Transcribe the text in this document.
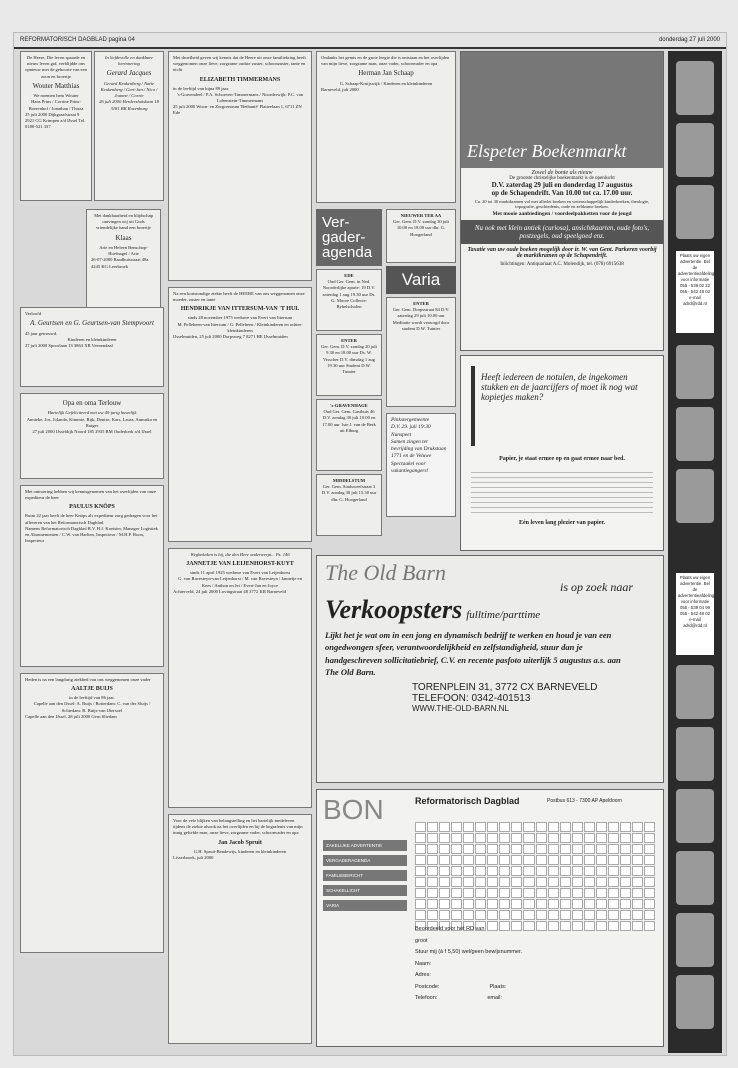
REFORMATORISCH DAGBLAD pagina 04	donderdag 27 juli 2000
De Heere, Die leven spaarde en nieuw leven gaf, verblijdde ons opnieuw met de geboorte van een zoon en broertje
Wouter Matthias
We noemen hem Wouter
Hans Prins / Corrine Prins-Boerenhof / Jonathan / Thirza
25 juli 2000 Dijkgraafstraat 9 2921 CG Krimpen a/d IJssel Tel. 0180-521 337
In liefdevolle en dankbare herinnering
Gerard Jacques
Gerard Keukenberg / Natie Keukenberg / Gert-Jan / Nico / Joanne / Corrie
26 juli 2000 Herdershuislaan 18 3181 BK Rozenburg
Met dankbaarheid en blijdschap ontvingen wij uit Gods vriendelijke hand een broertje
Klaas
Arie en Heleen Benschop-Hoefnagel / Arie
26-07-2000 Raadhuisstraat 48a 4245 KG Leerbroek
Verloofd
A. Geurtsen en G. Geurtsen-van Stempvoort
45 jaar getrouwd.
Kinderen en kleinkinderen
27 juli 2000 Spoorlaan 13 3863 XB Veenendaal
Opa en oma Terlouw
Hartelijk Gefeliciteerd met uw 40-jarig huwelijk
Annieke, Jos, Jolanda, Kimmie, Rijk, Denise, Kars, Laura, Annuska en Rutger
27 juli 2000 IJsseldijk Noord 185 2935 BM Ouderkerk a/d IJssel
Met ontroering hebben wij kennisgenomen van het overlijden van onze expediteur de heer
PAULUS KNÖPS
Ruim 22 jaar heeft de heer Knöps als expediteur zorg gedragen voor het afleveren van het Reformatorisch Dagblad.
Namens Reformatorisch Dagblad B.V. H.J. Koetsier, Manager Logistiek en Abonnementen / C.W. van Harlten, Inspecteur / M.H.P. Boon, Inspecteur
Heden is na een langdurig ziekbed van ons weggenomen onze vader
AALTJE BUIJS
in de leeftijd van 86 jaar.
Capelle aan den IJssel: A. Buijs / Rotterdam: C. van der Sluijs / Schiedam: B. Buijs-van IJtersoel
Capelle aan den IJssel, 28 juli 2000 Gern Sliedam
Met droefheid geven wij kennis dat de Heere uit onze familiekring heeft weggenomen onze lieve, zorgzame oudste zuster, schoonzuster, tante en nicht
ELIZABETH TIMMERMANS
in de leeftijd van bijna 89 jaar.
's-Gravendeel / P.A. Schoeven-Timmermans / Noorderwijk: P.C. van Lobenstein-Timmermans
25 juli 2000 Woon- en Zorgcentrum 'Bethanië' Platteelaan 1, 6711 ZN Ede
Na een kortstondige ziekte heeft de HEERE van ons weggenomen onze moeder, zuster en tante
HENDRIKJE VAN ITTERSUM-VAN 'T HUL
sinds 28 november 1975 weduwe van Evert van Ittersum
M. Pellebeen-van Ittersum / G. Pellebeen / Kleinkinderen en achter-kleinkinderen
IJsselmuiden, 25 juli 2000 Dorpsweg 7 8271 HE IJsselmuiden
Wegbekeken is hij, die den Here onderwerpt... Ps. 146
JANNETJE VAN LEIJENHORST-KUYT
sinds 11 april 1925 weduwe van Evert van Leijenhorst
G. van Ravesteyn-van Leijenhorst / M. van Ravesteyn / Jannetje en Kees / Anthon en Jet / Evert-Jan en Joyce
Achterveld, 24 juli 2000 Lovingstraat 48 3772 KR Barneveld
Voor de vele blijken van belangstelling en het hartelijk medeleven tijdens de ziekte alsook na het overlijden en bij de begrafenis van mijn innig geliefde man, onze lieve, zorgzame vader, schoonvader en opa
Jan Jacob Spruit
G.H. Spruit-Bendewijs, kinderen en kleinkinderen
Lisserbroek, juli 2000
Ondanks het gemis en de grote leegte die is ontstaan en het overlijden van mijn lieve, zorgzame man, onze vader, schoonvader en opa
Herman Jan Schaap
G. Schaap-Kruijswijk / Kinderen en kleinkinderen
Barneveld, juli 2000
Ver-
gader-
agenda
EDE
Oud Ger. Gem. in Ned. Noorderlijke aparte: 19 D.V. zaterdag 1 aug 19.30 uur Ds. G. Moore Collecte: Bybelscholen
ENTER
Ger. Gem. D.V. zondag 20 juli 9.30 en 18.00 uur Ds. W. Visscher D.V. dinsdag 1 aug 19.30 uur Student D.W. Tuinier
's-GRAVENHAGE
Oud Ger. Gem. Gasthuis 46 D.V. zondag 30 juli 10.00 en 17.00 uur 1ste J. van de Berk uit Elburg
MIDDELSTUM
Ger. Gem. Stadsweefstraat 3 D.V. zondag 30 juli 15.30 uur dhr. G. Hoogerland
NIEUWER TER AA
Ger. Gem. D.V. zondag 30 juli 10.00 en 18.00 uur dhr. G. Hoogerland
Varia
ENTER
Ger. Gem. Dorpsstraat 84 D.V. zaterdag 29 juli 10.00 uur Meditatie wordt verzorgd door student D.W. Tuinier
Pinkstergemeente
D.V. 29. juli 19:30 Nunspeet
Samen zingen ter bevrijding van Drukstaan 1771 en de Veluwe
Spectaakel voor vakantiegangers!
Elspeter Boekenmarkt
Zowel de bonte als nieuw
De grootste christelijke boekenmarkt is de openlucht
D.V. zaterdag 29 juli en donderdag 17 augustus
op de Schapendrift. Van 10.00 tot ca. 17.00 uur.
Ca. 20 tot 30 marktkramen vol met allerlei boeken en wetenschappelijk kinderboeken, theologie, topografie, geschiedenis, oude en zeldzame boeken.
Met mooie aanbiedingen / voordeelpakketten voor de jeugd
Nu ook met klein antiek (curiosa), ansichtkaarten, oude foto's, postzegels, oud speelgoed enz.
Taxatie van uw oude boeken mogelijk door ir. W. van Gent. Parkeren voorbij de marktkramen op de Schapendrift.
Inlichtingen: Antiquariaat A.C. Molendijk, tel. (078) 6915638
Heeft iedereen de notulen, de ingekomen stukken en de jaarcijfers of moet ik nog wat kopietjes maken?
Papier, je staat ermee op en gaat ermee naar bed.
Eén leven lang plezier van papier.
The Old Barn
is op zoek naar
Verkoopsters fulltime/parttime
Lijkt het je wat om in een jong en dynamisch bedrijf te werken en houd je van een ongedwongen sfeer, verantwoordelijkheid en zelfstandigheid, stuur dan je handgeschreven sollicitatiebrief, C.V. en recente pasfoto uiterlijk 5 augustus a.s. aan The Old Barn.
TORENPLEIN 31, 3772 CX BARNEVELD
TELEFOON: 0342-401513
WWW.THE-OLD-BARN.NL
BON	Reformatorisch Dagblad	Postbus 613 - 7300 AP Apeldoorn
ZAKELIJKE ADVERTENTIE
VERGADERAGENDA
FAMILIEBERICHT
SCHAKELLICHT
VARIA
Beoordeeld voor het RD van
groot
Stuur mij (à f 5,50) wel/geen bewijsnummer.
Naam:
Adres:
Postcode:	Plaats:
Telefoon:	email:
Plaats uw eigen advertentie. Bel de advertentieafdeling voor informatie 055 - 539 02 22 055 - 542 48 02 e-mail adrd@rdd.nl
Plaats uw eigen advertentie. Bel de advertentieafdeling voor informatie 055 - 539 04 99 055 - 542 48 02 e-mail adrd@rdd.nl
